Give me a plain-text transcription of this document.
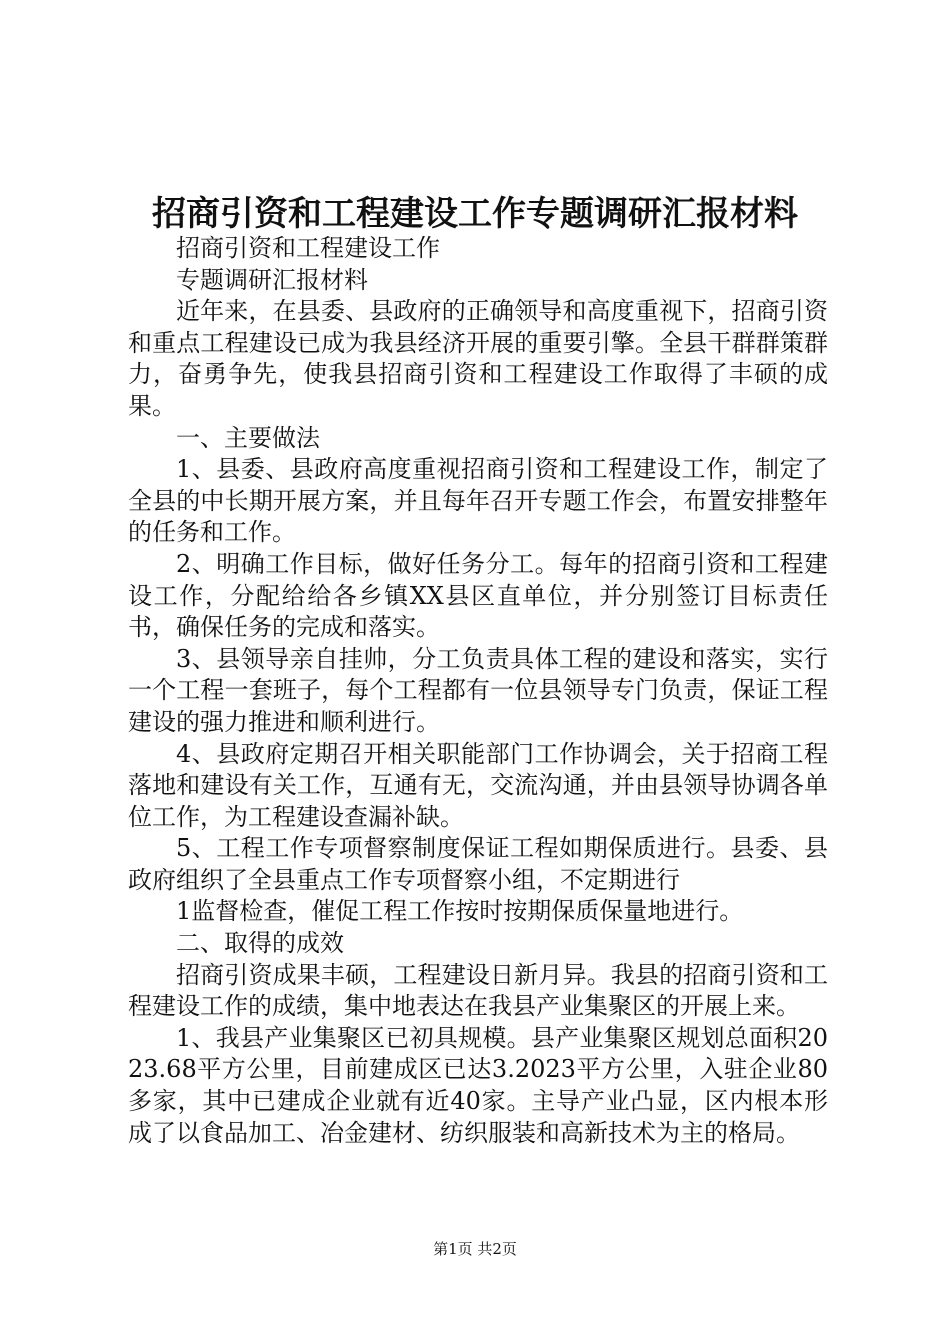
招商引资和工程建设工作专题调研汇报材料

招商引资和工程建设工作

专题调研汇报材料

近年来，在县委、县政府的正确领导和高度重视下，招商引资和重点工程建设已成为我县经济开展的重要引擎。全县干群群策群力，奋勇争先，使我县招商引资和工程建设工作取得了丰硕的成果。

一、主要做法

1、县委、县政府高度重视招商引资和工程建设工作，制定了全县的中长期开展方案，并且每年召开专题工作会，布置安排整年的任务和工作。

2、明确工作目标，做好任务分工。每年的招商引资和工程建设工作，分配给给各乡镇XX县区直单位，并分别签订目标责任书，确保任务的完成和落实。

3、县领导亲自挂帅，分工负责具体工程的建设和落实，实行一个工程一套班子，每个工程都有一位县领导专门负责，保证工程建设的强力推进和顺利进行。

4、县政府定期召开相关职能部门工作协调会，关于招商工程落地和建设有关工作，互通有无，交流沟通，并由县领导协调各单位工作，为工程建设查漏补缺。

5、工程工作专项督察制度保证工程如期保质进行。县委、县政府组织了全县重点工作专项督察小组，不定期进行

1监督检查，催促工程工作按时按期保质保量地进行。

二、取得的成效

招商引资成果丰硕，工程建设日新月异。我县的招商引资和工程建设工作的成绩，集中地表达在我县产业集聚区的开展上来。

1、我县产业集聚区已初具规模。县产业集聚区规划总面积2023.68平方公里，目前建成区已达3.2023平方公里，入驻企业80多家，其中已建成企业就有近40家。主导产业凸显，区内根本形成了以食品加工、冶金建材、纺织服装和高新技术为主的格局。

第1页 共2页
